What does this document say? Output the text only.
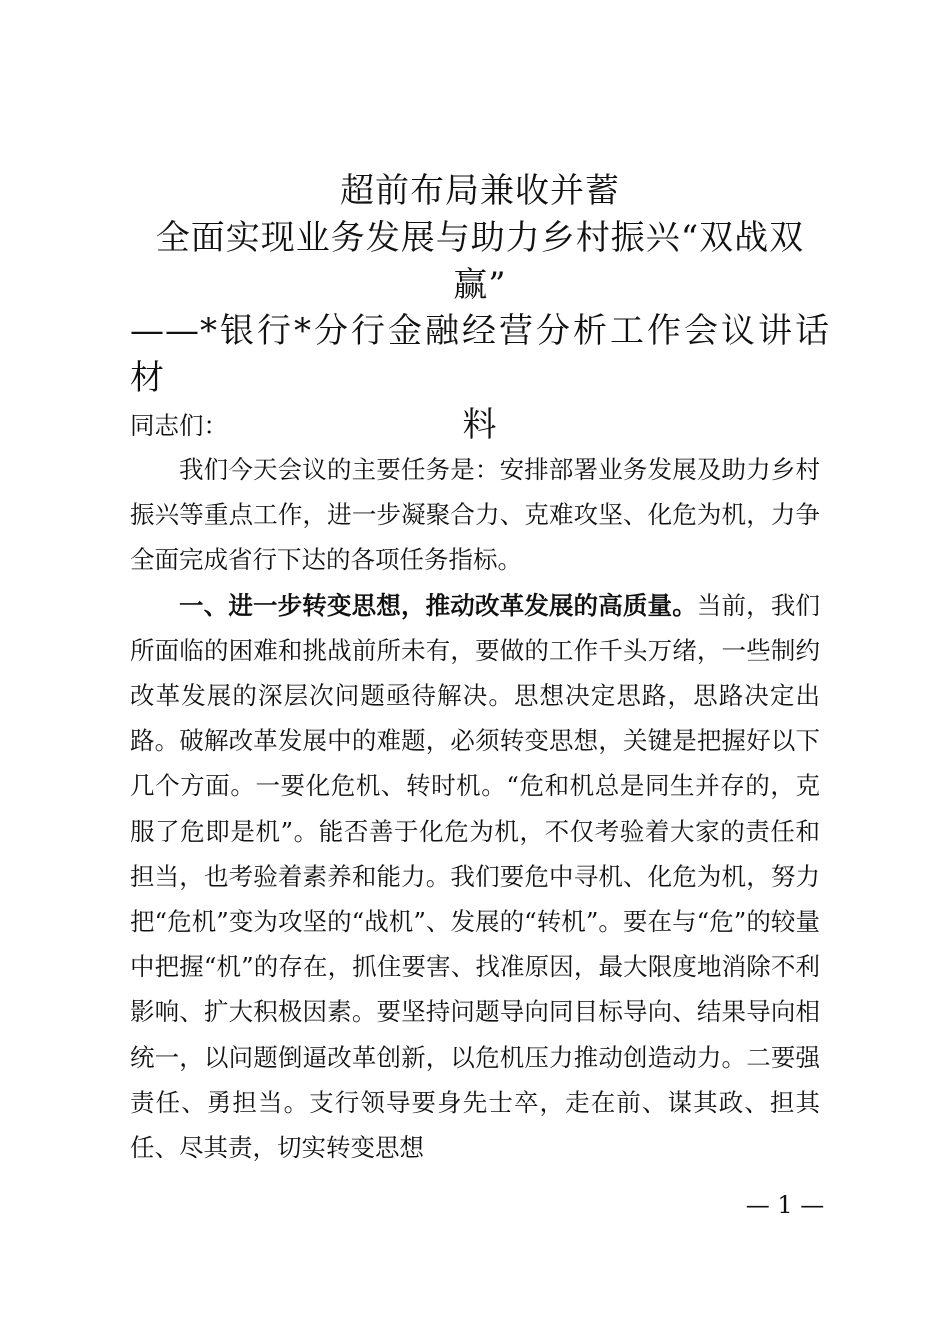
超前布局兼收并蓄
全面实现业务发展与助力乡村振兴“双战双
赢”
——*银行*分行金融经营分析工作会议讲话材
料

同志们：

我们今天会议的主要任务是：安排部署业务发展及助力乡村振兴等重点工作，进一步凝聚合力、克难攻坚、化危为机，力争全面完成省行下达的各项任务指标。

一、进一步转变思想，推动改革发展的高质量。当前，我们所面临的困难和挑战前所未有，要做的工作千头万绪，一些制约改革发展的深层次问题亟待解决。思想决定思路，思路决定出路。破解改革发展中的难题，必须转变思想，关键是把握好以下几个方面。一要化危机、转时机。“危和机总是同生并存的，克服了危即是机”。能否善于化危为机，不仅考验着大家的责任和担当，也考验着素养和能力。我们要危中寻机、化危为机，努力把“危机”变为攻坚的“战机”、发展的“转机”。要在与“危”的较量中把握“机”的存在，抓住要害、找准原因，最大限度地消除不利影响、扩大积极因素。要坚持问题导向同目标导向、结果导向相统一，以问题倒逼改革创新，以危机压力推动创造动力。二要强责任、勇担当。支行领导要身先士卒，走在前、谋其政、担其任、尽其责，切实转变思想

— 1 —
